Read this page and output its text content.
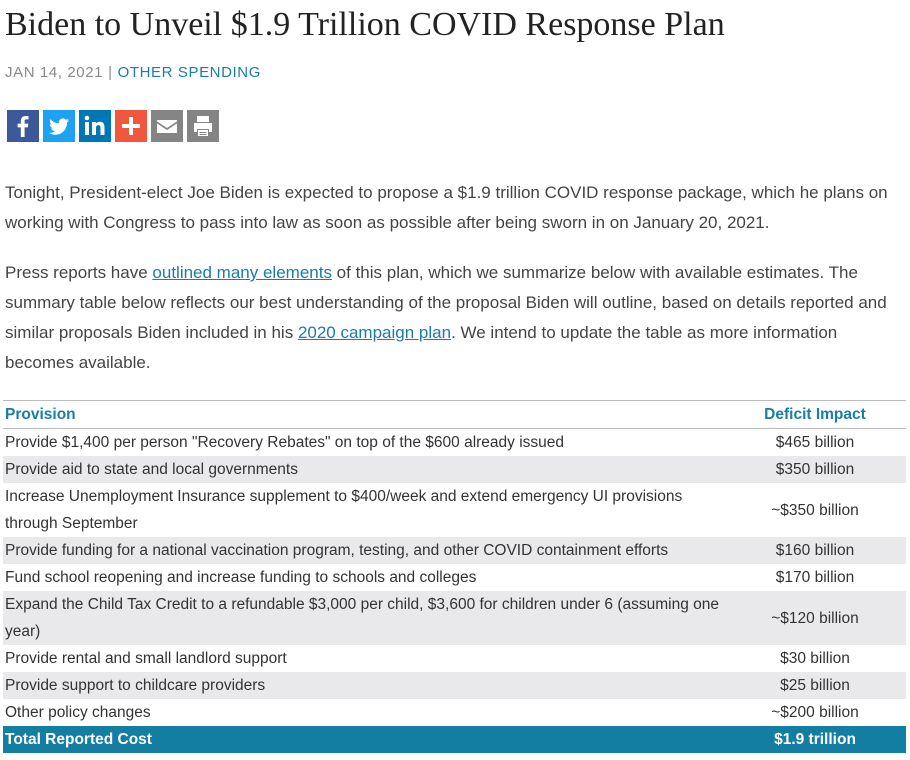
Biden to Unveil $1.9 Trillion COVID Response Plan
JAN 14, 2021 | OTHER SPENDING

Tonight, President-elect Joe Biden is expected to propose a $1.9 trillion COVID response package, which he plans on working with Congress to pass into law as soon as possible after being sworn in on January 20, 2021.

Press reports have outlined many elements of this plan, which we summarize below with available estimates. The summary table below reflects our best understanding of the proposal Biden will outline, based on details reported and similar proposals Biden included in his 2020 campaign plan. We intend to update the table as more information becomes available.

Provision	Deficit Impact
Provide $1,400 per person "Recovery Rebates" on top of the $600 already issued	$465 billion
Provide aid to state and local governments	$350 billion
Increase Unemployment Insurance supplement to $400/week and extend emergency UI provisions through September	~$350 billion
Provide funding for a national vaccination program, testing, and other COVID containment efforts	$160 billion
Fund school reopening and increase funding to schools and colleges	$170 billion
Expand the Child Tax Credit to a refundable $3,000 per child, $3,600 for children under 6 (assuming one year)	~$120 billion
Provide rental and small landlord support	$30 billion
Provide support to childcare providers	$25 billion
Other policy changes	~$200 billion
Total Reported Cost	$1.9 trillion
